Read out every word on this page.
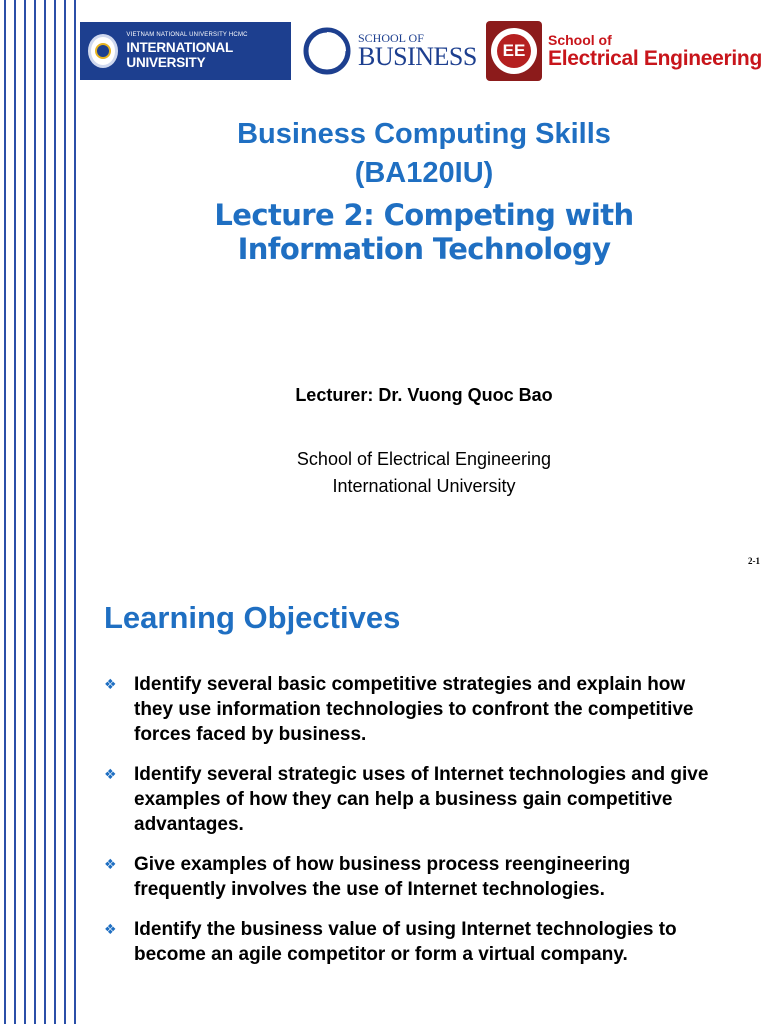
VIETNAM NATIONAL UNIVERSITY HCMC
INTERNATIONAL UNIVERSITY
SCHOOL OF
BUSINESS	EE
School of
Electrical Engineering
Business Computing Skills
(BA120IU)
Lecture 2: Competing with
Information Technology
Lecturer: Dr. Vuong Quoc Bao
School of Electrical Engineering
International University
2-1
Learning Objectives
❖ Identify several basic competitive strategies and explain how they use information technologies to confront the competitive forces faced by business.
❖ Identify several strategic uses of Internet technologies and give examples of how they can help a business gain competitive advantages.
❖ Give examples of how business process reengineering frequently involves the use of Internet technologies.
❖ Identify the business value of using Internet technologies to become an agile competitor or form a virtual company.
